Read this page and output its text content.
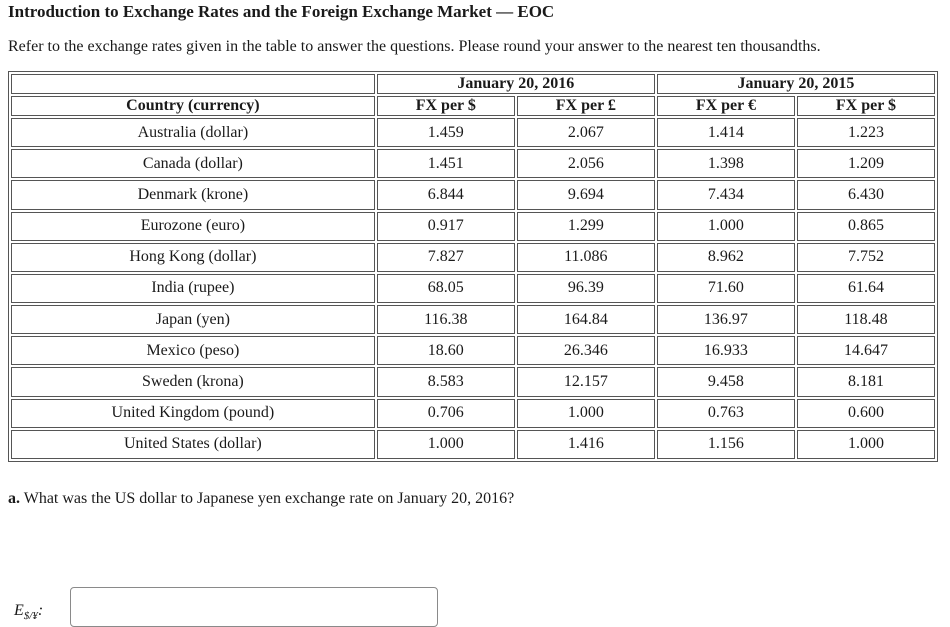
Introduction to Exchange Rates and the Foreign Exchange Market — EOC
Refer to the exchange rates given in the table to answer the questions. Please round your answer to the nearest ten thousandths.
	January 20, 2016		January 20, 2015	
Country (currency)	FX per $	FX per £	FX per €	FX per $
Australia (dollar)	1.459	2.067	1.414	1.223
Canada (dollar)	1.451	2.056	1.398	1.209
Denmark (krone)	6.844	9.694	7.434	6.430
Eurozone (euro)	0.917	1.299	1.000	0.865
Hong Kong (dollar)	7.827	11.086	8.962	7.752
India (rupee)	68.05	96.39	71.60	61.64
Japan (yen)	116.38	164.84	136.97	118.48
Mexico (peso)	18.60	26.346	16.933	14.647
Sweden (krona)	8.583	12.157	9.458	8.181
United Kingdom (pound)	0.706	1.000	0.763	0.600
United States (dollar)	1.000	1.416	1.156	1.000
a. What was the US dollar to Japanese yen exchange rate on January 20, 2016?
$E_{\$/¥}$:
